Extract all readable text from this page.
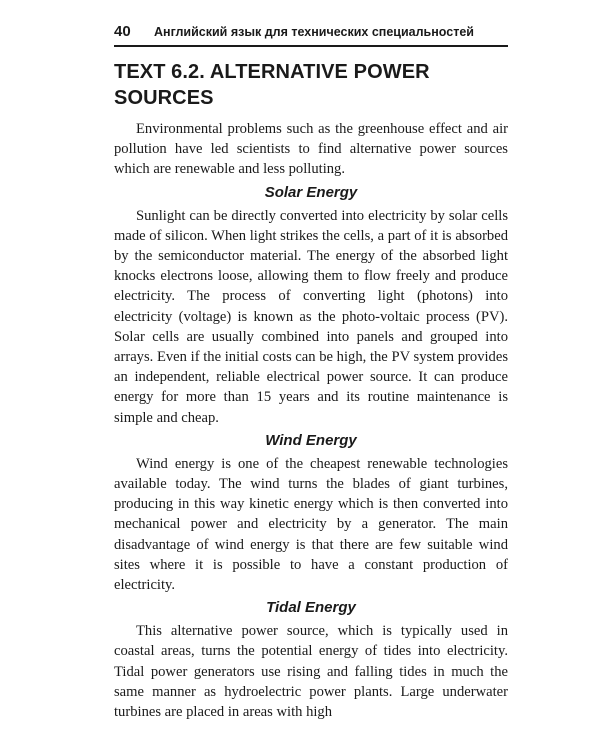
40	Английский язык для технических специальностей
TEXT 6.2. ALTERNATIVE POWER SOURCES

Environmental problems such as the greenhouse effect and air pollution have led scientists to find alternative power sources which are renewable and less polluting.

Solar Energy

Sunlight can be directly converted into electricity by solar cells made of silicon. When light strikes the cells, a part of it is absorbed by the semiconductor material. The energy of the absorbed light knocks electrons loose, allowing them to flow freely and produce electricity. The process of converting light (photons) into electricity (voltage) is known as the photo-voltaic process (PV). Solar cells are usually combined into panels and grouped into arrays. Even if the initial costs can be high, the PV system provides an independent, reliable electrical power source. It can produce energy for more than 15 years and its routine maintenance is simple and cheap.

Wind Energy

Wind energy is one of the cheapest renewable technologies available today. The wind turns the blades of giant turbines, producing in this way kinetic energy which is then converted into mechanical power and electricity by a generator. The main disadvantage of wind energy is that there are few suitable wind sites where it is possible to have a constant production of electricity.

Tidal Energy

This alternative power source, which is typically used in coastal areas, turns the potential energy of tides into electricity. Tidal power generators use rising and falling tides in much the same manner as hydroelectric power plants. Large underwater turbines are placed in areas with high
